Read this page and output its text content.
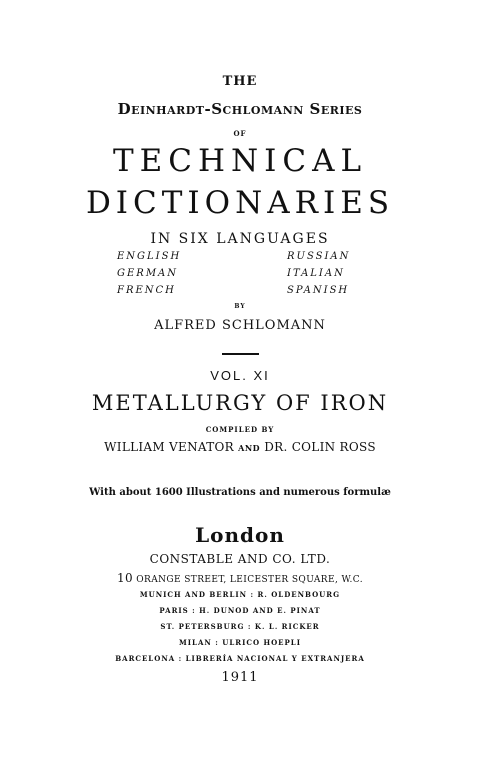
THE
Deinhardt-Schlomann Series
OF
TECHNICAL
DICTIONARIES
IN SIX LANGUAGES
ENGLISH	RUSSIAN
GERMAN	ITALIAN
FRENCH	SPANISH
BY
ALFRED SCHLOMANN
VOL. XI
METALLURGY OF IRON
COMPILED BY
WILLIAM VENATOR AND DR. COLIN ROSS
With about 1600 Illustrations and numerous formulæ
London
CONSTABLE AND CO. LTD.
10 ORANGE STREET, LEICESTER SQUARE, W.C.
MUNICH AND BERLIN : R. OLDENBOURG
PARIS : H. DUNOD AND E. PINAT
ST. PETERSBURG : K. L. RICKER
MILAN : ULRICO HOEPLI
BARCELONA : LIBRERÍA NACIONAL Y EXTRANJERA
1911
